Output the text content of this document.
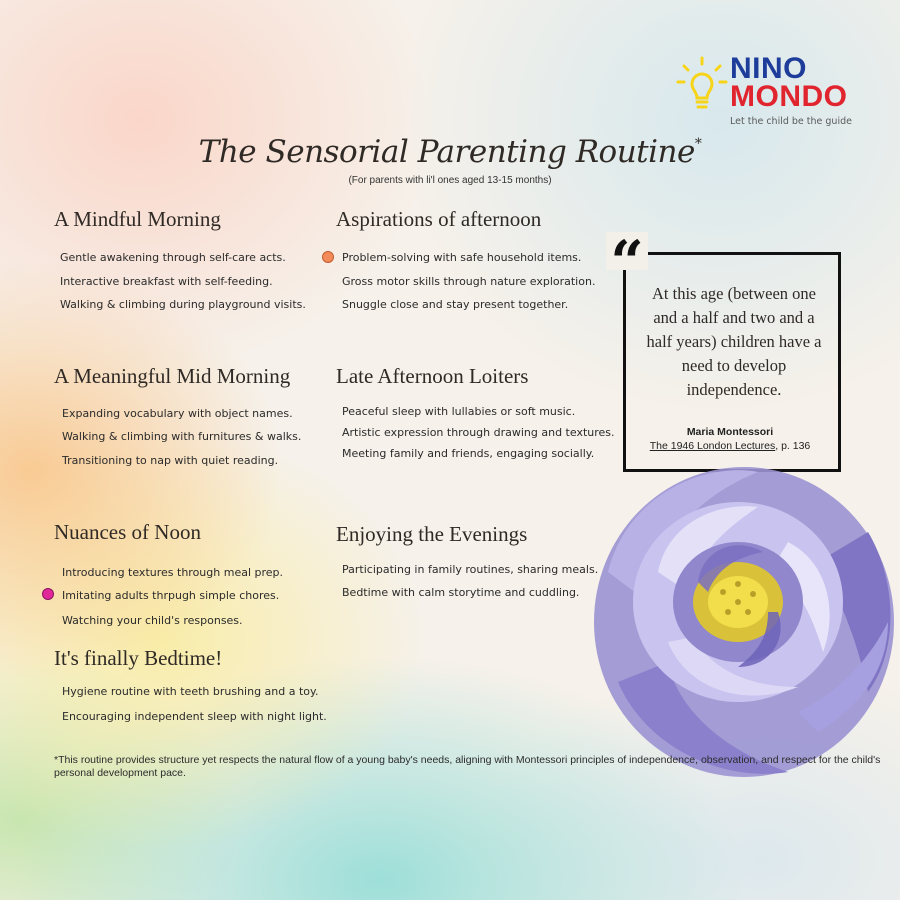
NINO
MONDO
Let the child be the guide
The Sensorial Parenting Routine*
(For parents with li'l ones aged 13-15 months)
A Mindful Morning
Gentle awakening through self-care acts.
Interactive breakfast with self-feeding.
Walking & climbing during playground visits.
Aspirations of afternoon
Problem-solving with safe household items.
Gross motor skills through nature exploration.
Snuggle close and stay present together.
A Meaningful Mid Morning
Expanding vocabulary with object names.
Walking & climbing with furnitures & walks.
Transitioning to nap with quiet reading.
Late Afternoon Loiters
Peaceful sleep with lullabies or soft music.
Artistic expression through drawing and textures.
Meeting family and friends, engaging socially.
Nuances of Noon
Introducing textures through meal prep.
Imitating adults thrpugh simple chores.
Watching your child's responses.
Enjoying the Evenings
Participating in family routines, sharing meals.
Bedtime with calm storytime and cuddling.
It's finally Bedtime!
Hygiene routine with teeth brushing and a toy.
Encouraging independent sleep with night light.
“ At this age (between one and a half and two and a half years) children have a need to develop independence.
Maria Montessori
The 1946 London Lectures, p. 136
*This routine provides structure yet respects the natural flow of a young baby's needs, aligning with Montessori principles of independence, observation, and respect for the child's personal development pace.
